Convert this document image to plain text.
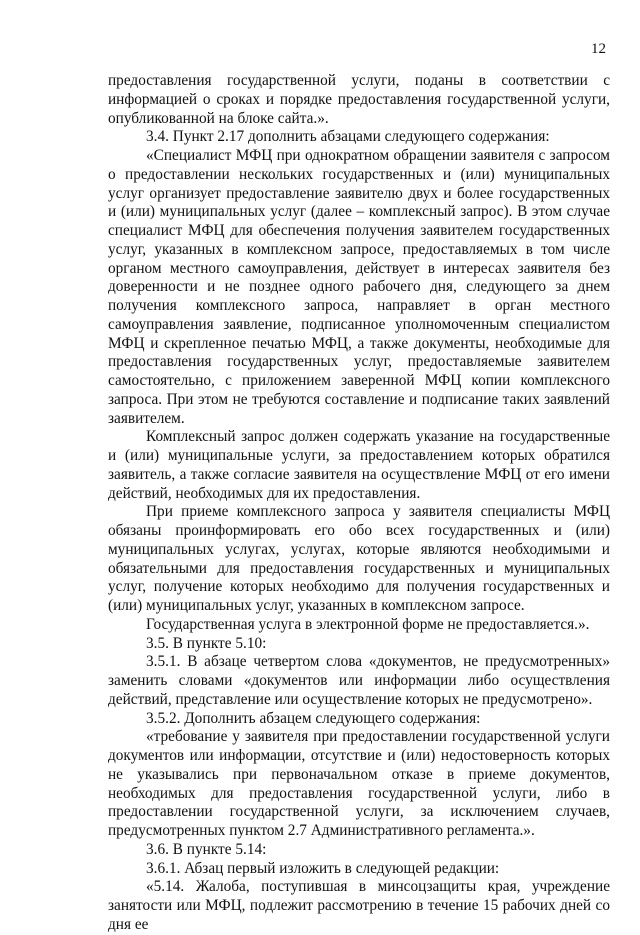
12

предоставления государственной услуги, поданы в соответствии с информацией о сроках и порядке предоставления государственной услуги, опубликованной на блоке сайта.».

3.4. Пункт 2.17 дополнить абзацами следующего содержания:

«Специалист МФЦ при однократном обращении заявителя с запросом о предоставлении нескольких государственных и (или) муниципальных услуг организует предоставление заявителю двух и более государственных и (или) муниципальных услуг (далее – комплексный запрос). В этом случае специалист МФЦ для обеспечения получения заявителем государственных услуг, указанных в комплексном запросе, предоставляемых в том числе органом местного самоуправления, действует в интересах заявителя без доверенности и не позднее одного рабочего дня, следующего за днем получения комплексного запроса, направляет в орган местного самоуправления заявление, подписанное уполномоченным специалистом МФЦ и скрепленное печатью МФЦ, а также документы, необходимые для предоставления государственных услуг, предоставляемые заявителем самостоятельно, с приложением заверенной МФЦ копии комплексного запроса. При этом не требуются составление и подписание таких заявлений заявителем.

Комплексный запрос должен содержать указание на государственные и (или) муниципальные услуги, за предоставлением которых обратился заявитель, а также согласие заявителя на осуществление МФЦ от его имени действий, необходимых для их предоставления.

При приеме комплексного запроса у заявителя специалисты МФЦ обязаны проинформировать его обо всех государственных и (или) муниципальных услугах, услугах, которые являются необходимыми и обязательными для предоставления государственных и муниципальных услуг, получение которых необходимо для получения государственных и (или) муниципальных услуг, указанных в комплексном запросе.

Государственная услуга в электронной форме не предоставляется.».

3.5. В пункте 5.10:

3.5.1. В абзаце четвертом слова «документов, не предусмотренных» заменить словами «документов или информации либо осуществления действий, представление или осуществление которых не предусмотрено».

3.5.2. Дополнить абзацем следующего содержания:

«требование у заявителя при предоставлении государственной услуги документов или информации, отсутствие и (или) недостоверность которых не указывались при первоначальном отказе в приеме документов, необходимых для предоставления государственной услуги, либо в предоставлении государственной услуги, за исключением случаев, предусмотренных пунктом 2.7 Административного регламента.».

3.6. В пункте 5.14:

3.6.1. Абзац первый изложить в следующей редакции:

«5.14. Жалоба, поступившая в минсоцзащиты края, учреждение занятости или МФЦ, подлежит рассмотрению в течение 15 рабочих дней со дня ее
